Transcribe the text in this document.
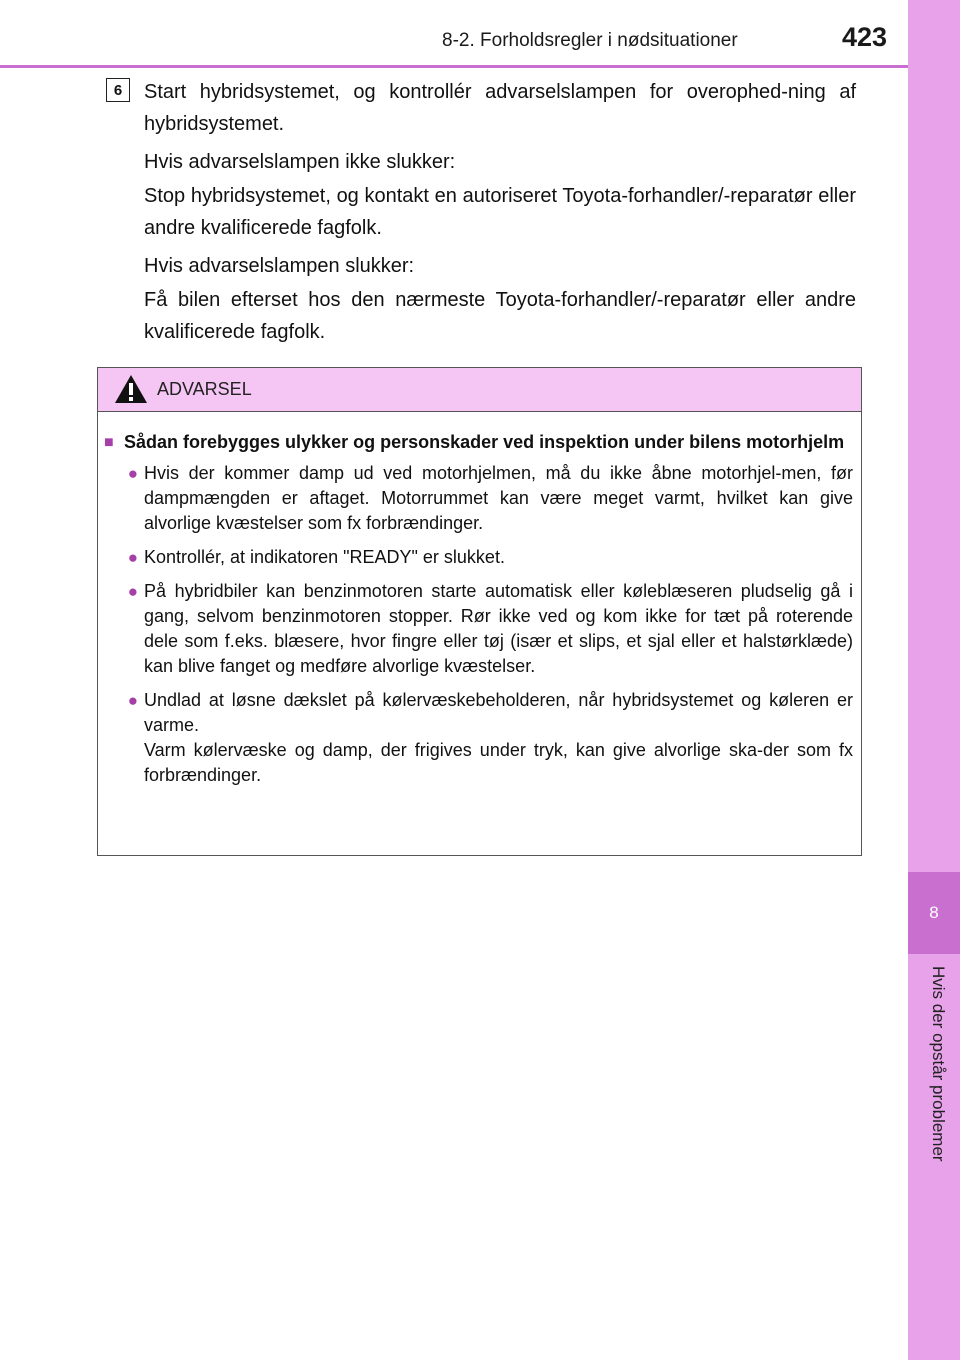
8
Hvis der opstår problemer
8-2. Forholdsregler i nødsituationer	423
6	Start hybridsystemet, og kontrollér advarselslampen for overophed-ning af hybridsystemet.

Hvis advarselslampen ikke slukker:

Stop hybridsystemet, og kontakt en autoriseret Toyota-forhandler/-reparatør eller andre kvalificerede fagfolk.

Hvis advarselslampen slukker:

Få bilen efterset hos den nærmeste Toyota-forhandler/-reparatør eller andre kvalificerede fagfolk.

ADVARSEL
■ Sådan forebygges ulykker og personskader ved inspektion under bilens motorhjelm
● Hvis der kommer damp ud ved motorhjelmen, må du ikke åbne motorhjel-men, før dampmængden er aftaget. Motorrummet kan være meget varmt, hvilket kan give alvorlige kvæstelser som fx forbrændinger.
● Kontrollér, at indikatoren "READY" er slukket.
● På hybridbiler kan benzinmotoren starte automatisk eller køleblæseren pludselig gå i gang, selvom benzinmotoren stopper. Rør ikke ved og kom ikke for tæt på roterende dele som f.eks. blæsere, hvor fingre eller tøj (især et slips, et sjal eller et halstørklæde) kan blive fanget og medføre alvorlige kvæstelser.
● Undlad at løsne dækslet på kølervæskebeholderen, når hybridsystemet og køleren er varme.
Varm kølervæske og damp, der frigives under tryk, kan give alvorlige ska-der som fx forbrændinger.
